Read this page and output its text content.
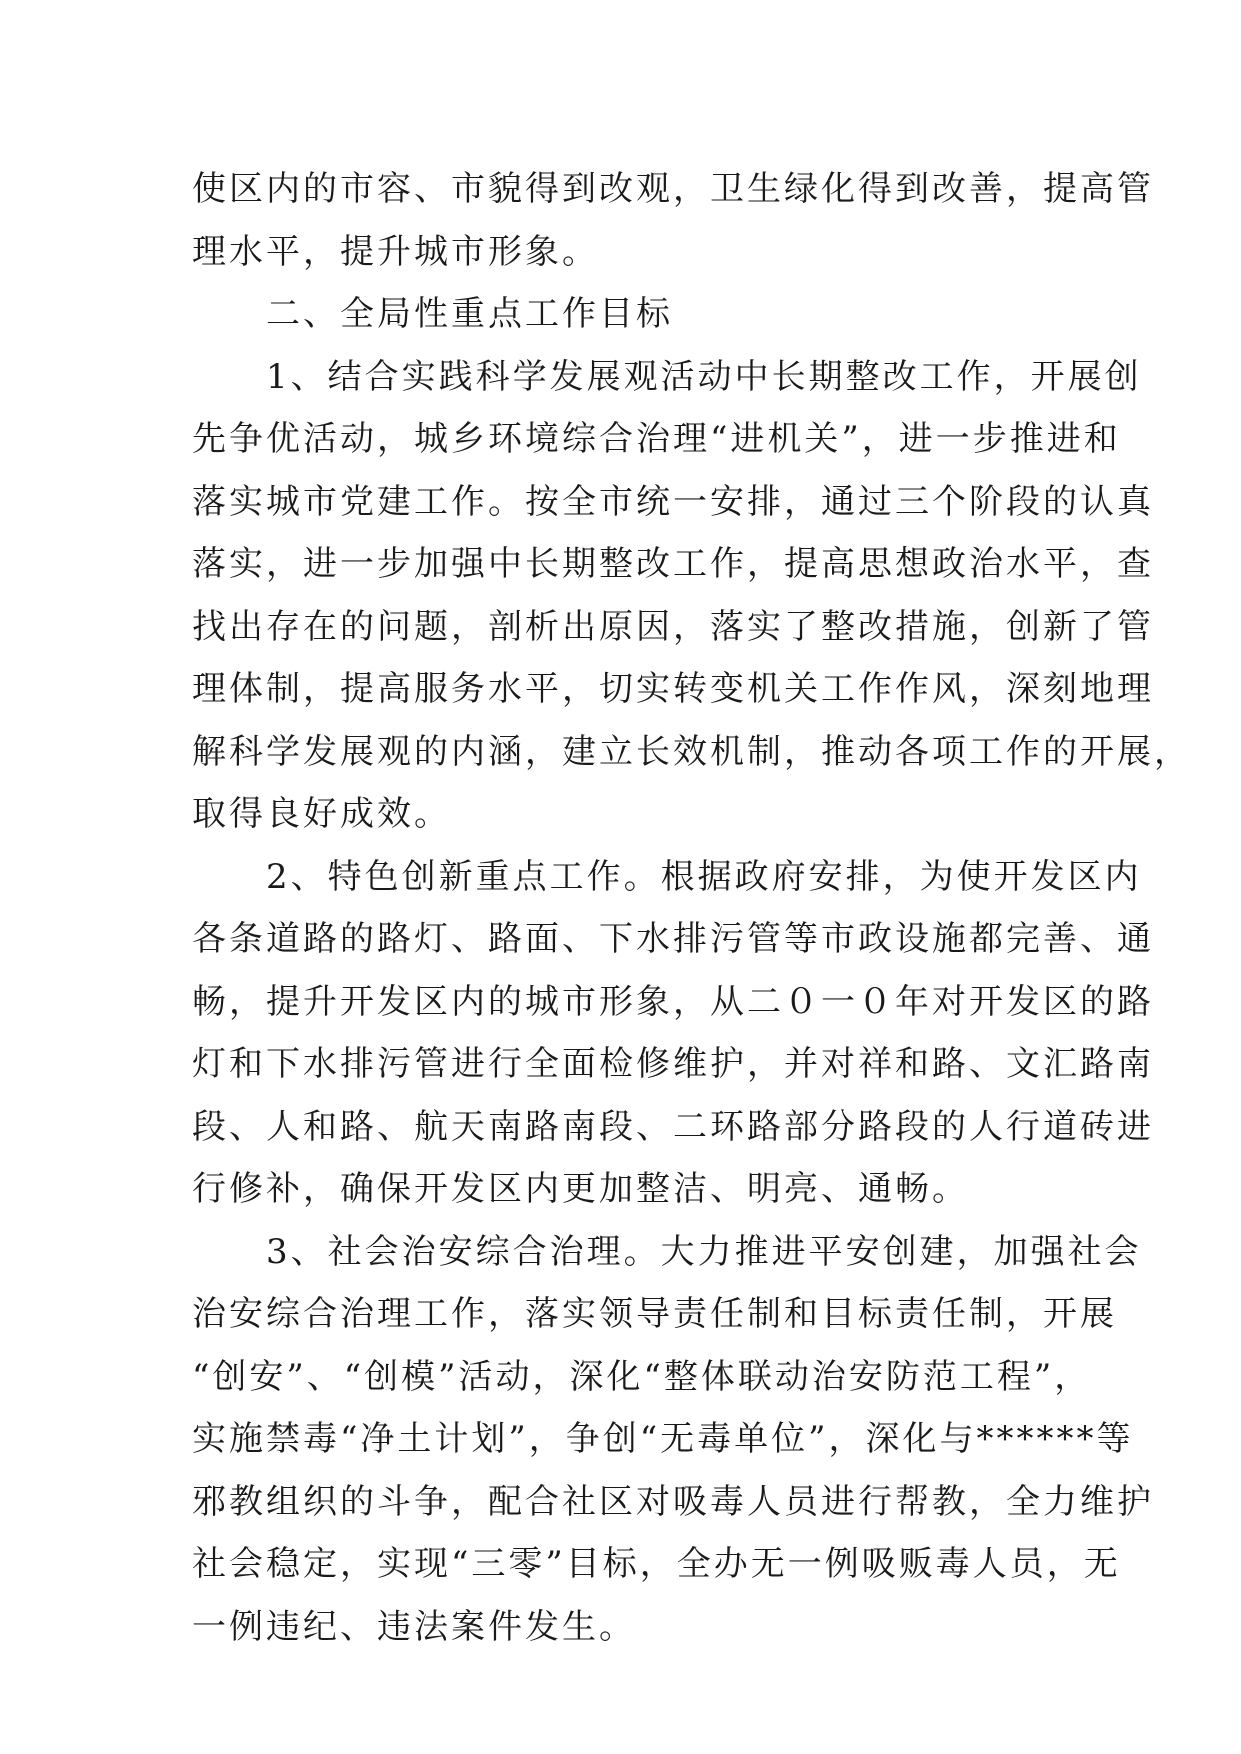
使区内的市容、市貌得到改观，卫生绿化得到改善，提高管
理水平，提升城市形象。

二、全局性重点工作目标

1、结合实践科学发展观活动中长期整改工作，开展创
先争优活动，城乡环境综合治理“进机关”，进一步推进和
落实城市党建工作。按全市统一安排，通过三个阶段的认真
落实，进一步加强中长期整改工作，提高思想政治水平，查
找出存在的问题，剖析出原因，落实了整改措施，创新了管
理体制，提高服务水平，切实转变机关工作作风，深刻地理
解科学发展观的内涵，建立长效机制，推动各项工作的开展，
取得良好成效。

2、特色创新重点工作。根据政府安排，为使开发区内
各条道路的路灯、路面、下水排污管等市政设施都完善、通
畅，提升开发区内的城市形象，从二０一０年对开发区的路
灯和下水排污管进行全面检修维护，并对祥和路、文汇路南
段、人和路、航天南路南段、二环路部分路段的人行道砖进
行修补，确保开发区内更加整洁、明亮、通畅。

3、社会治安综合治理。大力推进平安创建，加强社会
治安综合治理工作，落实领导责任制和目标责任制，开展
“创安”、“创模”活动，深化“整体联动治安防范工程”，
实施禁毒“净土计划”，争创“无毒单位”，深化与******等
邪教组织的斗争，配合社区对吸毒人员进行帮教，全力维护
社会稳定，实现“三零”目标，全办无一例吸贩毒人员，无
一例违纪、违法案件发生。
